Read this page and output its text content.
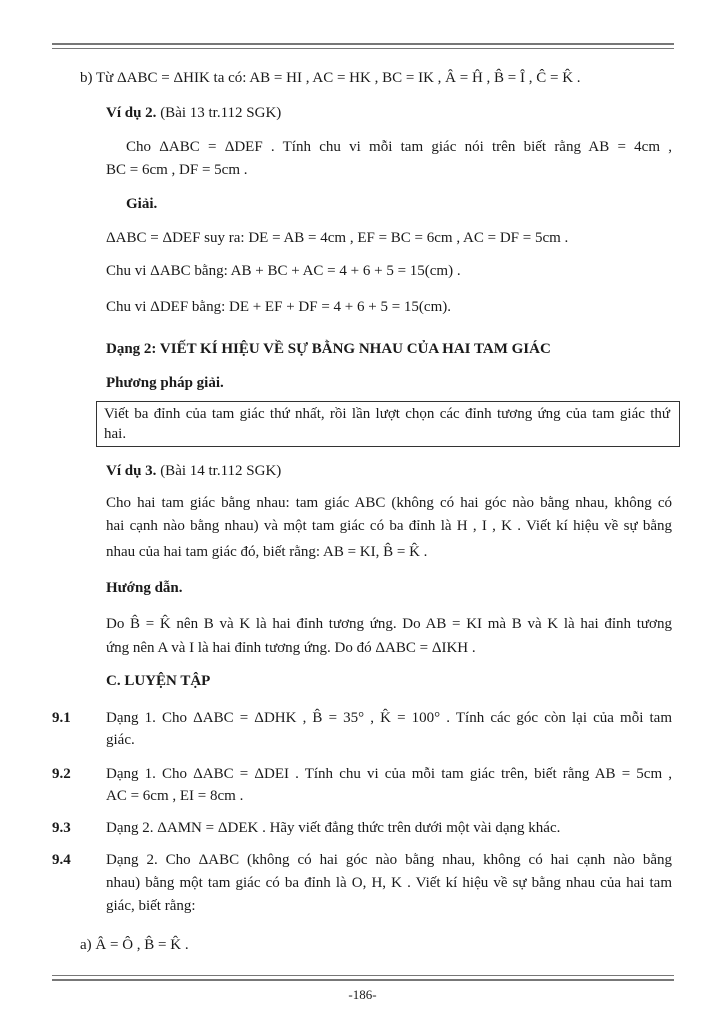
b) Từ ΔABC = ΔHIK ta có: AB = HI , AC = HK , BC = IK , Â = Ĥ , B̂ = Î , Ĉ = K̂ .
Ví dụ 2. (Bài 13 tr.112 SGK)
Cho ΔABC = ΔDEF . Tính chu vi mỗi tam giác nói trên biết rằng AB = 4cm ,
BC = 6cm , DF = 5cm .
Giải.
ΔABC = ΔDEF suy ra: DE = AB = 4cm , EF = BC = 6cm , AC = DF = 5cm .
Chu vi ΔABC bằng: AB + BC + AC = 4 + 6 + 5 = 15(cm) .
Chu vi ΔDEF bằng: DE + EF + DF = 4 + 6 + 5 = 15(cm).
Dạng 2: VIẾT KÍ HIỆU VỀ SỰ BẰNG NHAU CỦA HAI TAM GIÁC
Phương pháp giải.
Viết ba đỉnh của tam giác thứ nhất, rồi lần lượt chọn các đỉnh tương ứng của tam giác thứ
hai.
Ví dụ 3. (Bài 14 tr.112 SGK)
Cho hai tam giác bằng nhau: tam giác ABC (không có hai góc nào bằng nhau, không có
hai cạnh nào bằng nhau) và một tam giác có ba đỉnh là H , I , K . Viết kí hiệu về sự bằng
nhau của hai tam giác đó, biết rằng: AB = KI, B̂ = K̂ .
Hướng dẫn.
Do B̂ = K̂ nên B và K là hai đỉnh tương ứng. Do AB = KI mà B và K là hai đỉnh tương
ứng nên A và I là hai đỉnh tương ứng. Do đó ΔABC = ΔIKH .
C. LUYỆN TẬP
9.1 Dạng 1. Cho ΔABC = ΔDHK , B̂ = 35° , K̂ = 100° . Tính các góc còn lại của mỗi tam
giác.
9.2 Dạng 1. Cho ΔABC = ΔDEI . Tính chu vi của mỗi tam giác trên, biết rằng AB = 5cm ,
AC = 6cm , EI = 8cm .
9.3 Dạng 2. ΔAMN = ΔDEK . Hãy viết đẳng thức trên dưới một vài dạng khác.
9.4 Dạng 2. Cho ΔABC (không có hai góc nào bằng nhau, không có hai cạnh nào bằng
nhau) bằng một tam giác có ba đỉnh là O, H, K . Viết kí hiệu về sự bằng nhau của hai tam
giác, biết rằng:
a) Â = Ô , B̂ = K̂ .
-186-
